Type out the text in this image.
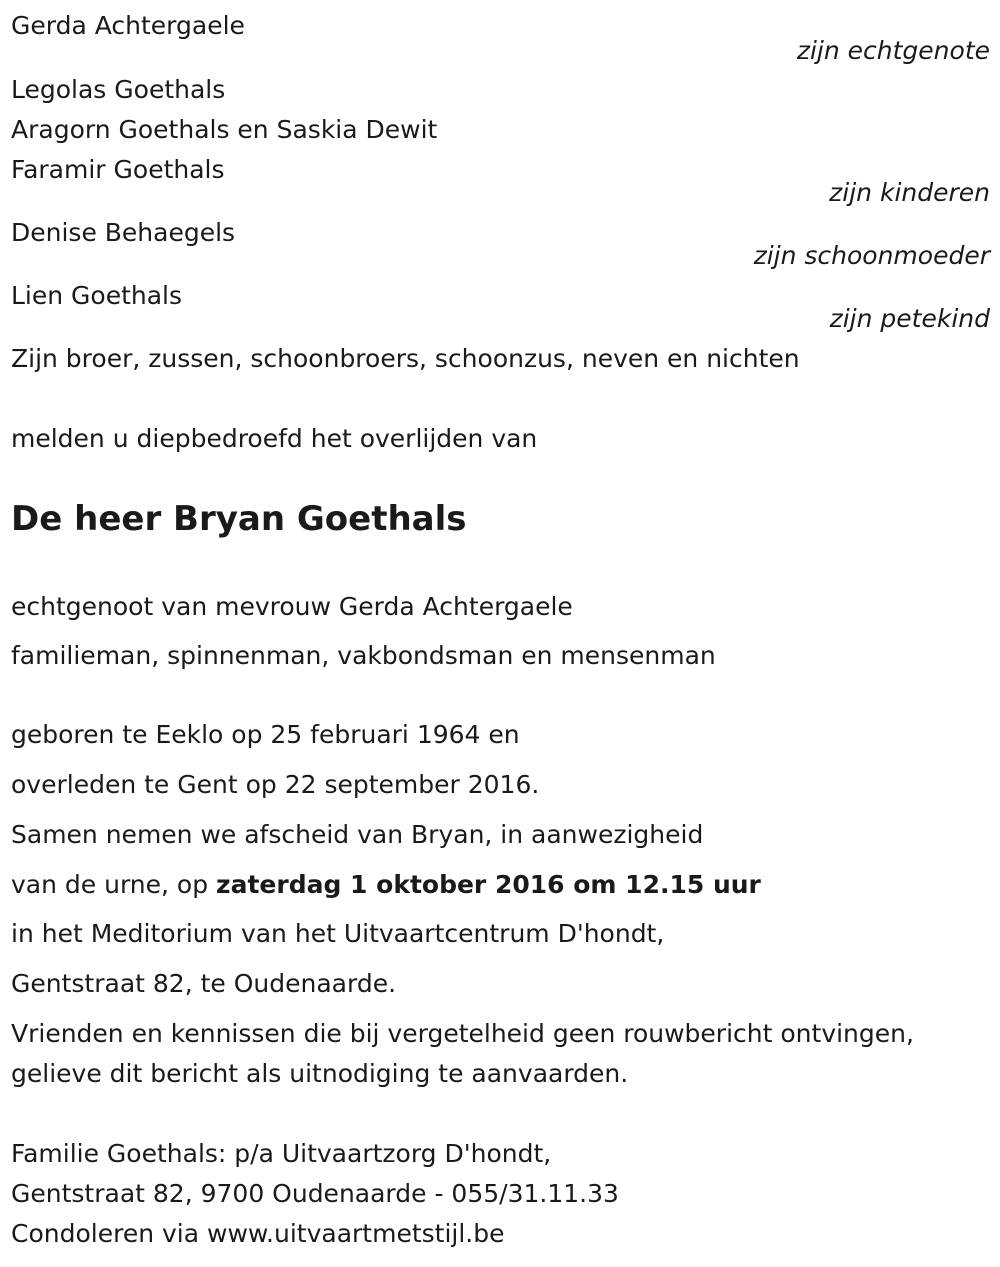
Gerda Achtergaele
zijn echtgenote
Legolas Goethals
Aragorn Goethals en Saskia Dewit
Faramir Goethals
zijn kinderen
Denise Behaegels
zijn schoonmoeder
Lien Goethals
zijn petekind
Zijn broer, zussen, schoonbroers, schoonzus, neven en nichten
melden u diepbedroefd het overlijden van
De heer Bryan Goethals
echtgenoot van mevrouw Gerda Achtergaele
familieman, spinnenman, vakbondsman en mensenman
geboren te Eeklo op 25 februari 1964 en
overleden te Gent op 22 september 2016.
Samen nemen we afscheid van Bryan, in aanwezigheid
van de urne, op zaterdag 1 oktober 2016 om 12.15 uur
in het Meditorium van het Uitvaartcentrum D'hondt,
Gentstraat 82, te Oudenaarde.
Vrienden en kennissen die bij vergetelheid geen rouwbericht ontvingen,
gelieve dit bericht als uitnodiging te aanvaarden.
Familie Goethals: p/a Uitvaartzorg D'hondt,
Gentstraat 82, 9700 Oudenaarde - 055/31.11.33
Condoleren via www.uitvaartmetstijl.be
